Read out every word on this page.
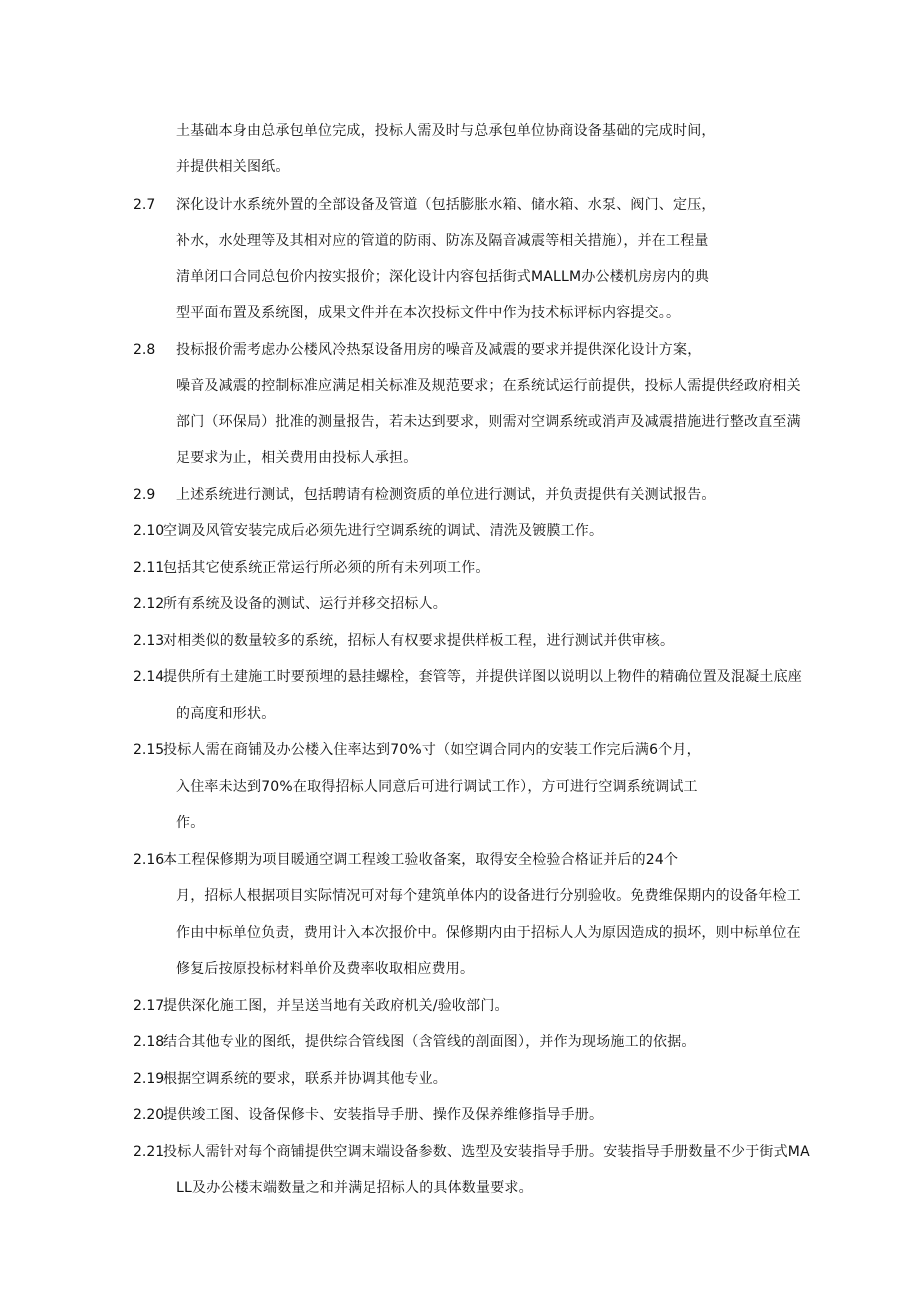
土基础本身由总承包单位完成，投标人需及时与总承包单位协商设备基础的完成时间，
并提供相关图纸。
2.7 深化设计水系统外置的全部设备及管道（包括膨胀水箱、储水箱、水泵、阀门、定压，
补水，水处理等及其相对应的管道的防雨、防冻及隔音减震等相关措施），并在工程量
清单闭口合同总包价内按实报价；深化设计内容包括街式MALLM办公楼机房房内的典
型平面布置及系统图，成果文件并在本次投标文件中作为技术标评标内容提交。。
2.8 投标报价需考虑办公楼风冷热泵设备用房的噪音及减震的要求并提供深化设计方案，
噪音及减震的控制标准应满足相关标准及规范要求；在系统试运行前提供，投标人需提供经政府相关
部门（环保局）批准的测量报告，若未达到要求，则需对空调系统或消声及减震措施进行整改直至满
足要求为止，相关费用由投标人承担。
2.9 上述系统进行测试，包括聘请有检测资质的单位进行测试，并负责提供有关测试报告。
2.10
空调及风管安装完成后必须先进行空调系统的调试、清洗及镀膜工作。
2.11
包括其它使系统正常运行所必须的所有未列项工作。
2.12
所有系统及设备的测试、运行并移交招标人。
2.13
对相类似的数量较多的系统，招标人有权要求提供样板工程，进行测试并供审核。
2.14
提供所有土建施工时要预埋的悬挂螺栓，套管等，并提供详图以说明以上物件的精确位置及混凝土底座
的高度和形状。
2.15
投标人需在商铺及办公楼入住率达到70%寸（如空调合同内的安装工作完后满6个月，
入住率未达到70%在取得招标人同意后可进行调试工作），方可进行空调系统调试工
作。
2.16
本工程保修期为项目暖通空调工程竣工验收备案，取得安全检验合格证并后的24个
月，招标人根据项目实际情况可对每个建筑单体内的设备进行分别验收。免费维保期内的设备年检工
作由中标单位负责，费用计入本次报价中。保修期内由于招标人人为原因造成的损坏，则中标单位在
修复后按原投标材料单价及费率收取相应费用。
2.17
提供深化施工图，并呈送当地有关政府机关/验收部门。
2.18
结合其他专业的图纸，提供综合管线图（含管线的剖面图），并作为现场施工的依据。
2.19
根据空调系统的要求，联系并协调其他专业。
2.20
提供竣工图、设备保修卡、安装指导手册、操作及保养维修指导手册。
2.21
投标人需针对每个商铺提供空调末端设备参数、选型及安装指导手册。安装指导手册数量不少于街式MA
LL及办公楼末端数量之和并满足招标人的具体数量要求。
